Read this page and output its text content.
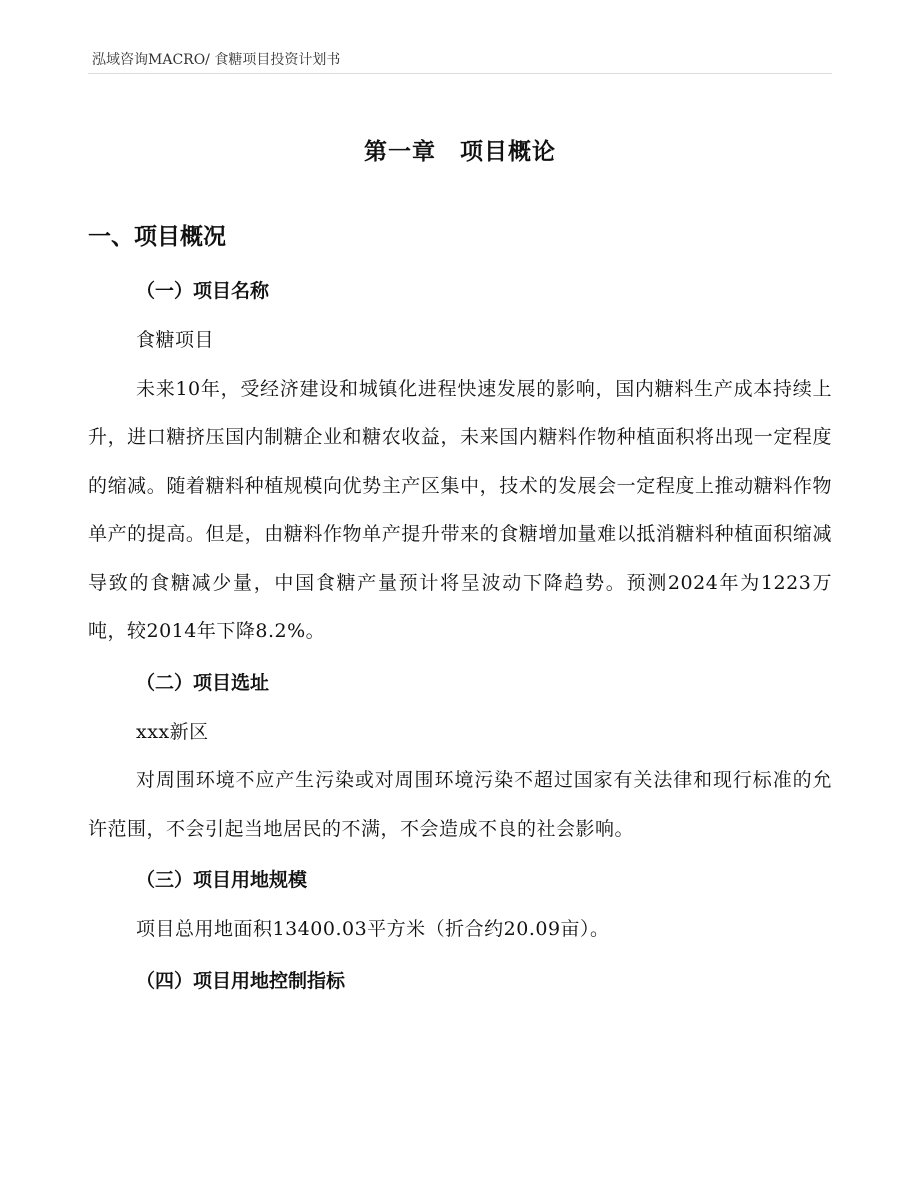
泓域咨询MACRO/ 食糖项目投资计划书
第一章　项目概论
一、项目概况
（一）项目名称

食糖项目

未来10年，受经济建设和城镇化进程快速发展的影响，国内糖料生产成本持续上升，进口糖挤压国内制糖企业和糖农收益，未来国内糖料作物种植面积将出现一定程度的缩减。随着糖料种植规模向优势主产区集中，技术的发展会一定程度上推动糖料作物单产的提高。但是，由糖料作物单产提升带来的食糖增加量难以抵消糖料种植面积缩减导致的食糖减少量，中国食糖产量预计将呈波动下降趋势。预测2024年为1223万吨，较2014年下降8.2%。

（二）项目选址

xxx新区

对周围环境不应产生污染或对周围环境污染不超过国家有关法律和现行标准的允许范围，不会引起当地居民的不满，不会造成不良的社会影响。

（三）项目用地规模

项目总用地面积13400.03平方米（折合约20.09亩）。

（四）项目用地控制指标
